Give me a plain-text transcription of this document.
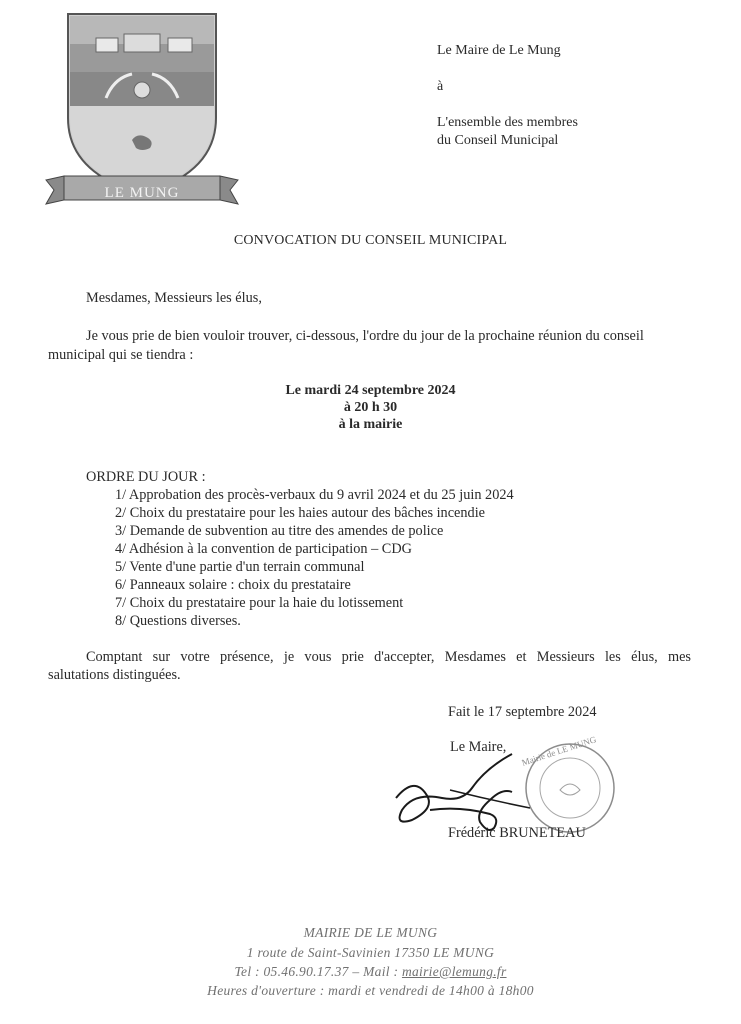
LE MUNG
Le Maire de Le Mung
à
L'ensemble des membres
du Conseil Municipal
CONVOCATION DU CONSEIL MUNICIPAL
Mesdames, Messieurs les élus,
Je vous prie de bien vouloir trouver, ci-dessous, l'ordre du jour de la prochaine réunion du conseil
municipal qui se tiendra :
Le mardi 24 septembre 2024
à 20 h 30
à la mairie
ORDRE DU JOUR :
1/ Approbation des procès-verbaux du 9 avril 2024 et du 25 juin 2024
2/ Choix du prestataire pour les haies autour des bâches incendie
3/ Demande de subvention au titre des amendes de police
4/ Adhésion à la convention de participation – CDG
5/ Vente d'une partie d'un terrain communal
6/ Panneaux solaire : choix du prestataire
7/ Choix du prestataire pour la haie du lotissement
8/ Questions diverses.
Comptant sur votre présence, je vous prie d'accepter, Mesdames et Messieurs les élus, mes
salutations distinguées.
Fait le 17 septembre 2024
Le Maire, Mairie de LE MUNG
Frédéric BRUNETEAU
MAIRIE DE LE MUNG
1 route de Saint-Savinien 17350 LE MUNG
Tel : 05.46.90.17.37 – Mail : mairie@lemung.fr
Heures d'ouverture : mardi et vendredi de 14h00 à 18h00
